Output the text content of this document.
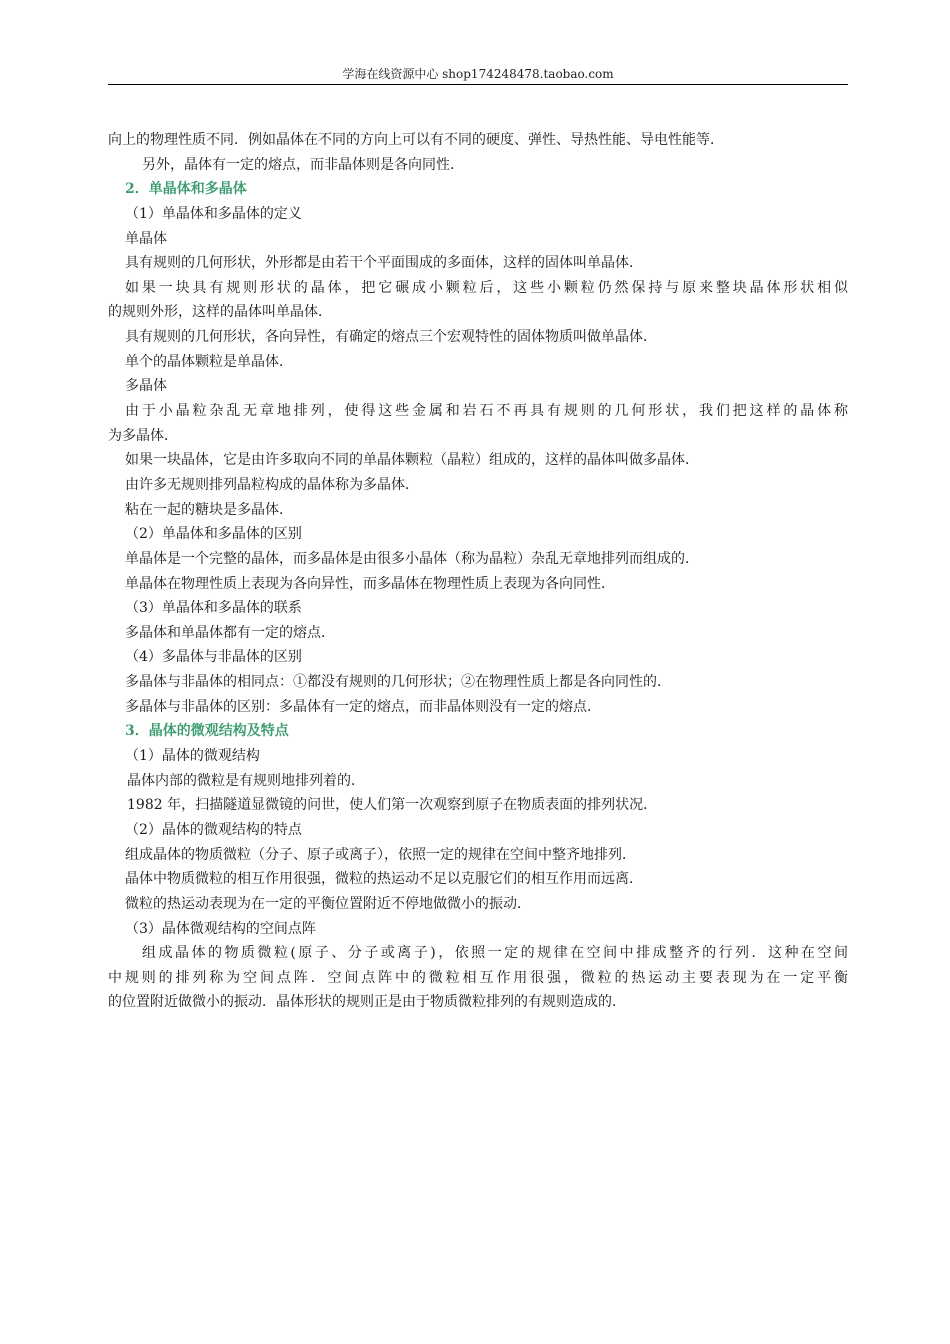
学海在线资源中心 shop174248478.taobao.com
向上的物理性质不同．例如晶体在不同的方向上可以有不同的硬度、弹性、导热性能、导电性能等．
另外，晶体有一定的熔点，而非晶体则是各向同性．
2．单晶体和多晶体
（1）单晶体和多晶体的定义
单晶体
具有规则的几何形状，外形都是由若干个平面围成的多面体，这样的固体叫单晶体．
如果一块具有规则形状的晶体，把它碾成小颗粒后，这些小颗粒仍然保持与原来整块晶体形状相似
的规则外形，这样的晶体叫单晶体．
具有规则的几何形状，各向异性，有确定的熔点三个宏观特性的固体物质叫做单晶体．
单个的晶体颗粒是单晶体．
多晶体
由于小晶粒杂乱无章地排列，使得这些金属和岩石不再具有规则的几何形状，我们把这样的晶体称
为多晶体．
如果一块晶体，它是由许多取向不同的单晶体颗粒（晶粒）组成的，这样的晶体叫做多晶体．
由许多无规则排列晶粒构成的晶体称为多晶体．
粘在一起的糖块是多晶体．
（2）单晶体和多晶体的区别
单晶体是一个完整的晶体，而多晶体是由很多小晶体（称为晶粒）杂乱无章地排列而组成的．
单晶体在物理性质上表现为各向异性，而多晶体在物理性质上表现为各向同性．
（3）单晶体和多晶体的联系
多晶体和单晶体都有一定的熔点．
（4）多晶体与非晶体的区别
多晶体与非晶体的相同点：①都没有规则的几何形状；②在物理性质上都是各向同性的．
多晶体与非晶体的区别：多晶体有一定的熔点，而非晶体则没有一定的熔点．
3．晶体的微观结构及特点
（1）晶体的微观结构
晶体内部的微粒是有规则地排列着的．
1982 年，扫描隧道显微镜的问世，使人们第一次观察到原子在物质表面的排列状况．
（2）晶体的微观结构的特点
组成晶体的物质微粒（分子、原子或离子），依照一定的规律在空间中整齐地排列．
晶体中物质微粒的相互作用很强，微粒的热运动不足以克服它们的相互作用而远离．
微粒的热运动表现为在一定的平衡位置附近不停地做微小的振动．
（3）晶体微观结构的空间点阵
组成晶体的物质微粒(原子、分子或离子)，依照一定的规律在空间中排成整齐的行列．这种在空间
中规则的排列称为空间点阵．空间点阵中的微粒相互作用很强，微粒的热运动主要表现为在一定平衡
的位置附近做微小的振动．晶体形状的规则正是由于物质微粒排列的有规则造成的．
